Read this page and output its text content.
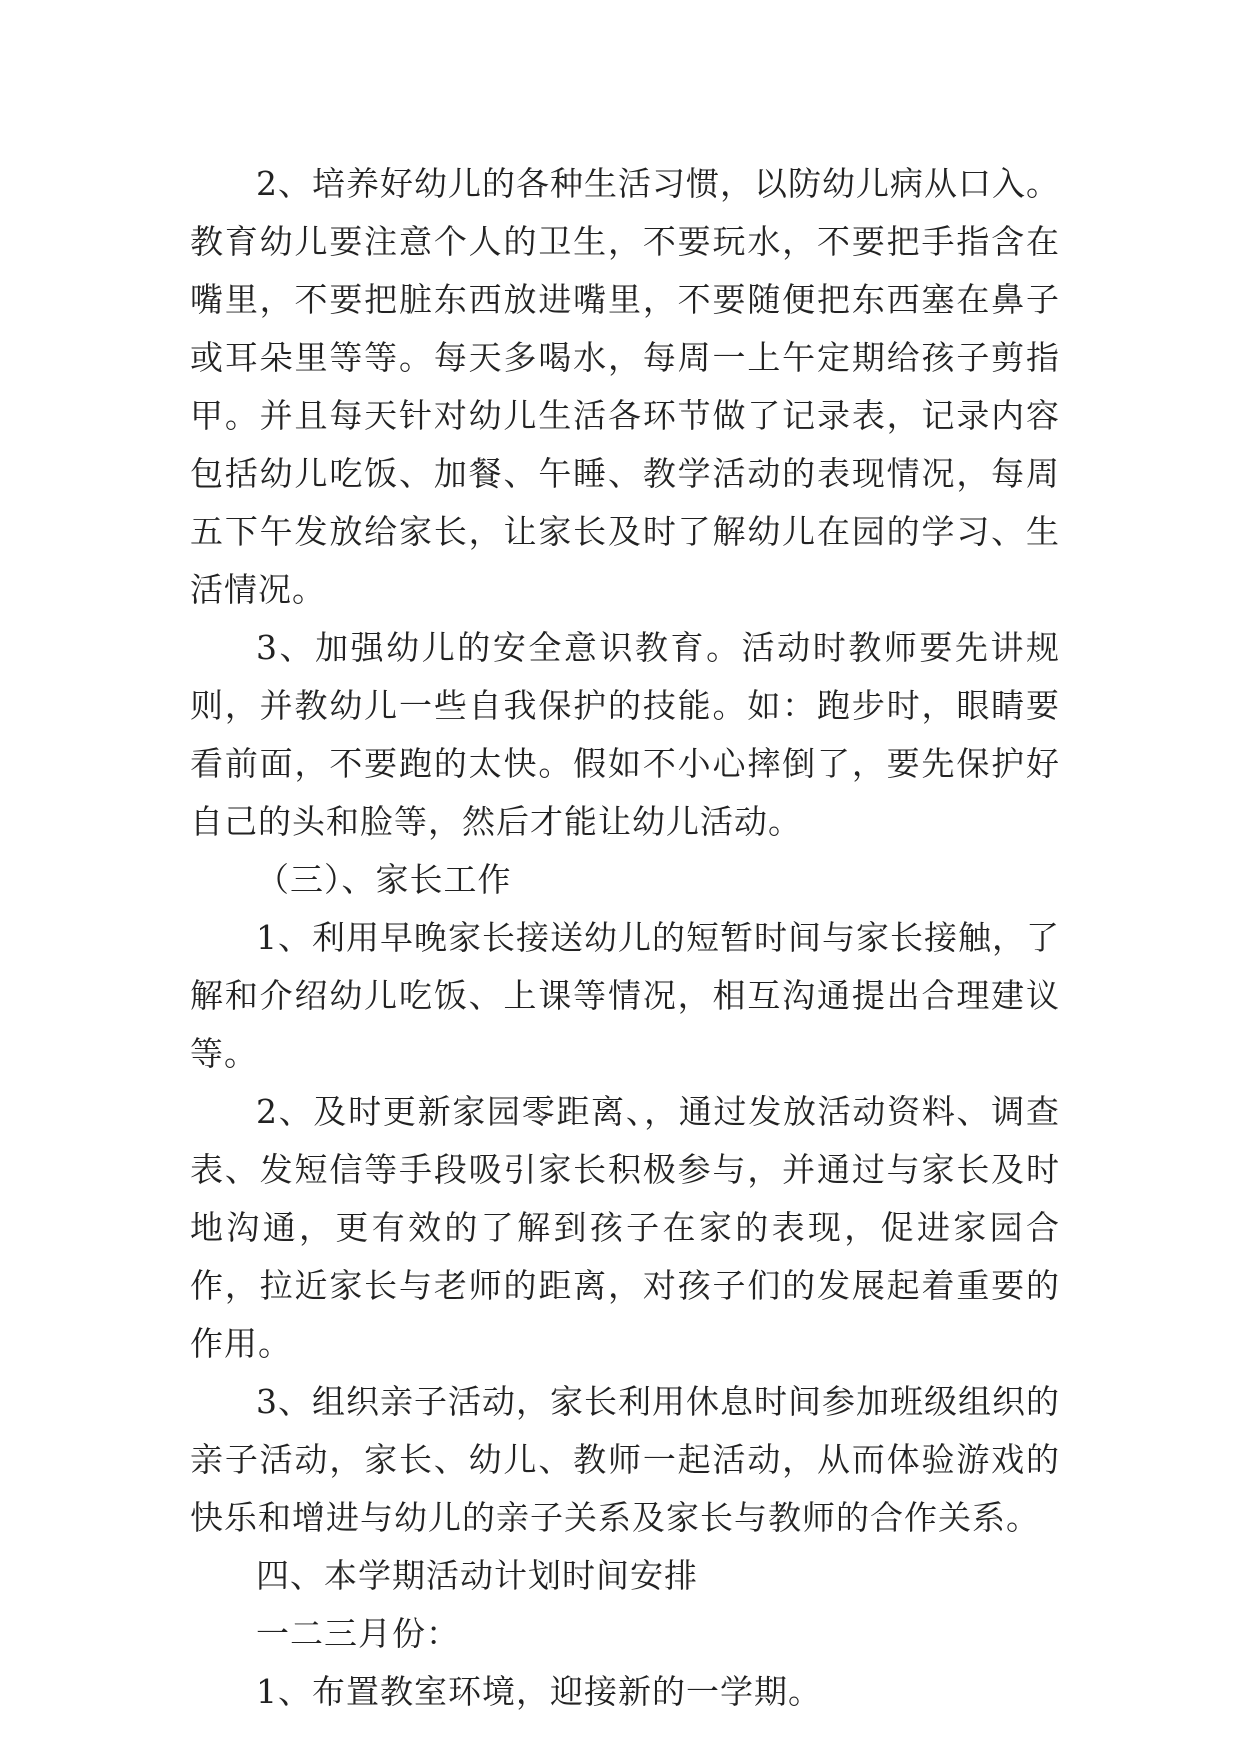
2、培养好幼儿的各种生活习惯，以防幼儿病从口入。教育幼儿要注意个人的卫生，不要玩水，不要把手指含在嘴里，不要把脏东西放进嘴里，不要随便把东西塞在鼻子或耳朵里等等。每天多喝水，每周一上午定期给孩子剪指甲。并且每天针对幼儿生活各环节做了记录表，记录内容包括幼儿吃饭、加餐、午睡、教学活动的表现情况，每周五下午发放给家长，让家长及时了解幼儿在园的学习、生活情况。

3、加强幼儿的安全意识教育。活动时教师要先讲规则，并教幼儿一些自我保护的技能。如：跑步时，眼睛要看前面，不要跑的太快。假如不小心摔倒了，要先保护好自己的头和脸等，然后才能让幼儿活动。

（三）、家长工作

1、利用早晚家长接送幼儿的短暂时间与家长接触，了解和介绍幼儿吃饭、上课等情况，相互沟通提出合理建议等。

2、及时更新家园零距离、，通过发放活动资料、调查表、发短信等手段吸引家长积极参与，并通过与家长及时地沟通，更有效的了解到孩子在家的表现，促进家园合作，拉近家长与老师的距离，对孩子们的发展起着重要的作用。

3、组织亲子活动，家长利用休息时间参加班级组织的亲子活动，家长、幼儿、教师一起活动，从而体验游戏的快乐和增进与幼儿的亲子关系及家长与教师的合作关系。

四、本学期活动计划时间安排

一二三月份：

1、布置教室环境，迎接新的一学期。
